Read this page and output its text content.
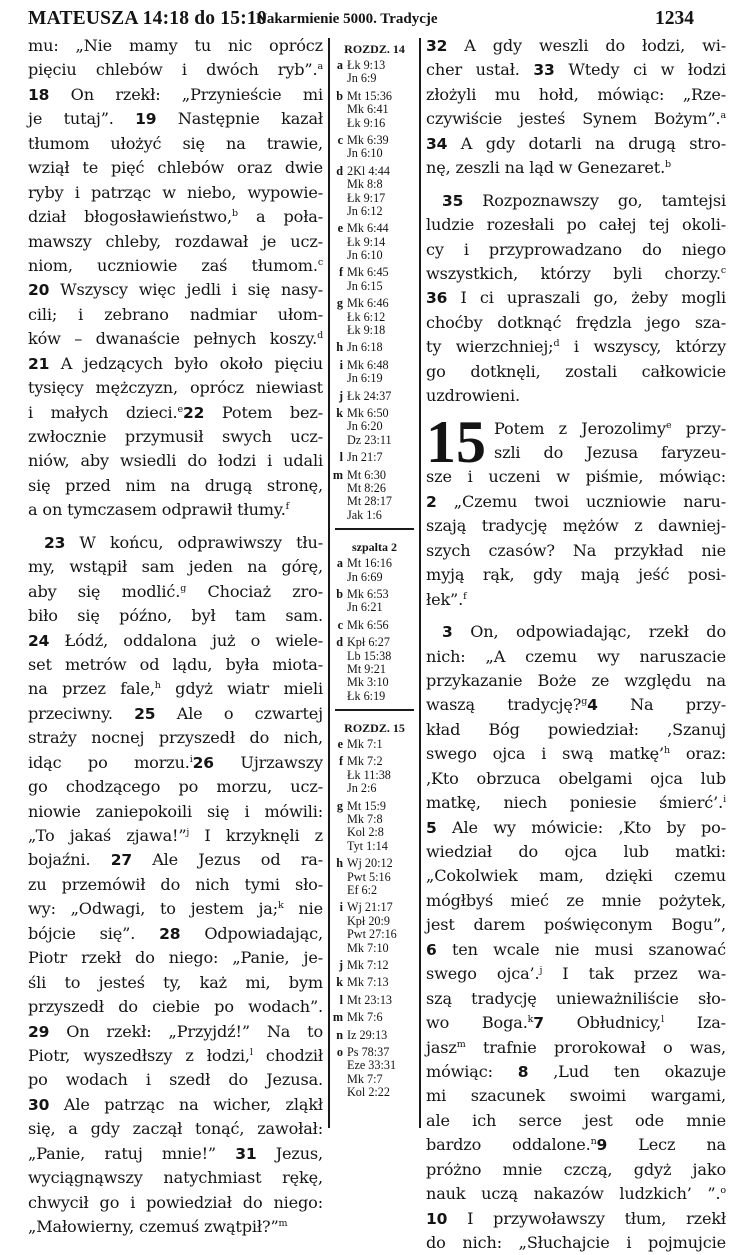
MATEUSZA 14:18 do 15:10
Nakarmienie 5000. Tradycje	1234

mu: „Nie mamy tu nic oprócz

pięciu chlebów i dwóch ryb”.$^a$

18 On rzekł: „Przynieście mi

je tutaj”. 19 Następnie kazał

tłumom ułożyć się na trawie,

wziął te pięć chlebów oraz dwie

ryby i patrząc w niebo, wypowie-

dział błogosławieństwo,$^b$ a poła-

mawszy chleby, rozdawał je ucz-

niom, uczniowie zaś tłumom.$^c$

20 Wszyscy więc jedli i się nasy-

cili; i zebrano nadmiar ułom-

ków – dwanaście pełnych koszy.$^d$

21 A jedzących było około pięciu

tysięcy mężczyzn, oprócz niewiast

i małych dzieci.$^e$22 Potem bez-

zwłocznie przymusił swych ucz-

niów, aby wsiedli do łodzi i udali

się przed nim na drugą stronę,

a on tymczasem odprawił tłumy.$^f$

23 W końcu, odprawiwszy tłu-

my, wstąpił sam jeden na górę,

aby się modlić.$^g$ Chociaż zro-

biło się późno, był tam sam.

24 Łódź, oddalona już o wiele-

set metrów od lądu, była miota-

na przez fale,$^h$ gdyż wiatr mieli

przeciwny. 25 Ale o czwartej

straży nocnej przyszedł do nich,

idąc po morzu.$^i$26 Ujrzawszy

go chodzącego po morzu, ucz-

niowie zaniepokoili się i mówili:

„To jakaś zjawa!”$^j$ I krzyknęli z

bojaźni. 27 Ale Jezus od ra-

zu przemówił do nich tymi sło-

wy: „Odwagi, to jestem ja;$^k$ nie

bójcie się”. 28 Odpowiadając,

Piotr rzekł do niego: „Panie, je-

śli to jesteś ty, każ mi, bym

przyszedł do ciebie po wodach”.

29 On rzekł: „Przyjdź!” Na to

Piotr, wyszedłszy z łodzi,$^l$ chodził

po wodach i szedł do Jezusa.

30 Ale patrząc na wicher, zląkł

się, a gdy zaczął tonąć, zawołał:

„Panie, ratuj mnie!” 31 Jezus,

wyciągnąwszy natychmiast rękę,

chwycił go i powiedział do niego:

„Małowierny, czemuś zwątpił?”$^m$

ROZDZ. 14
a Łk 9:13
Jn 6:9
b Mt 15:36
Mk 6:41
Łk 9:16
c Mk 6:39
Jn 6:10
d 2Kl 4:44
Mk 8:8
Łk 9:17
Jn 6:12
e Mk 6:44
Łk 9:14
Jn 6:10
f Mk 6:45
Jn 6:15
g Mk 6:46
Łk 6:12
Łk 9:18
h Jn 6:18
i Mk 6:48
Jn 6:19
j Łk 24:37
k Mk 6:50
Jn 6:20
Dz 23:11
l Jn 21:7
m Mt 6:30
Mt 8:26
Mt 28:17
Jak 1:6
szpalta 2
a Mt 16:16
Jn 6:69
b Mk 6:53
Jn 6:21
c Mk 6:56
d Kpł 6:27
Lb 15:38
Mt 9:21
Mk 3:10
Łk 6:19
ROZDZ. 15
e Mk 7:1
f Mk 7:2
Łk 11:38
Jn 2:6
g Mt 15:9
Mk 7:8
Kol 2:8
Tyt 1:14
h Wj 20:12
Pwt 5:16
Ef 6:2
i Wj 21:17
Kpł 20:9
Pwt 27:16
Mk 7:10
j Mk 7:12
k Mk 7:13
l Mt 23:13
m Mk 7:6
n Iz 29:13
o Ps 78:37
Eze 33:31
Mk 7:7
Kol 2:22

32 A gdy weszli do łodzi, wi-

cher ustał. 33 Wtedy ci w łodzi

złożyli mu hołd, mówiąc: „Rze-

czywiście jesteś Synem Bożym”.$^a$

34 A gdy dotarli na drugą stro-

nę, zeszli na ląd w Genezaret.$^b$

35 Rozpoznawszy go, tamtejsi

ludzie rozesłali po całej tej okoli-

cy i przyprowadzano do niego

wszystkich, którzy byli chorzy.$^c$

36 I ci upraszali go, żeby mogli

choćby dotknąć frędzla jego sza-

ty wierzchniej;$^d$ i wszyscy, którzy

go dotknęli, zostali całkowicie

uzdrowieni.

15 Potem z Jerozolimy$^e$ przy-

szli do Jezusa faryzeu-

sze i uczeni w piśmie, mówiąc:

2 „Czemu twoi uczniowie naru-

szają tradycję mężów z dawniej-

szych czasów? Na przykład nie

myją rąk, gdy mają jeść posi-

łek”.$^f$

3 On, odpowiadając, rzekł do

nich: „A czemu wy naruszacie

przykazanie Boże ze względu na

waszą tradycję?$^g$4 Na przy-

kład Bóg powiedział: ‚Szanuj

swego ojca i swą matkę’$^h$ oraz:

‚Kto obrzuca obelgami ojca lub

matkę, niech poniesie śmierć’.$^i$

5 Ale wy mówicie: ‚Kto by po-

wiedział do ojca lub matki:

„Cokolwiek mam, dzięki czemu

mógłbyś mieć ze mnie pożytek,

jest darem poświęconym Bogu”,

6 ten wcale nie musi szanować

swego ojca’.$^j$ I tak przez wa-

szą tradycję unieważniliście sło-

wo Boga.$^k$7 Obłudnicy,$^l$ Iza-

jasz$^m$ trafnie prorokował o was,

mówiąc: 8 ‚Lud ten okazuje

mi szacunek swoimi wargami,

ale ich serce jest ode mnie

bardzo oddalone.$^n$9 Lecz na

próżno mnie czczą, gdyż jako

nauk uczą nakazów ludzkich’ ”.$^o$

10 I przywoławszy tłum, rzekł

do nich: „Słuchajcie i pojmujcie
